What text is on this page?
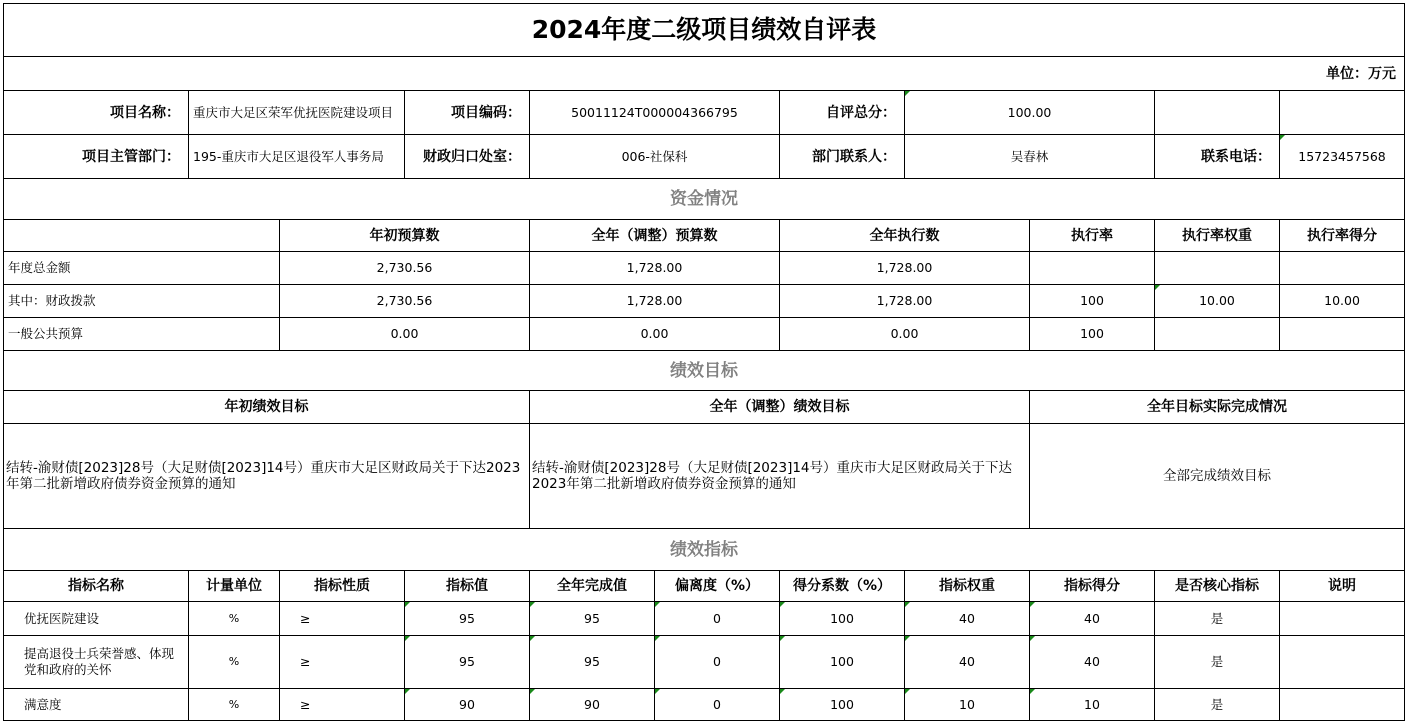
2024年度二级项目绩效自评表										
单位：万元										
项目名称：	重庆市大足区荣军优抚医院建设项目		项目编码：	50011124T000004366795		自评总分：	100.00			
项目主管部门：	195-重庆市大足区退役军人事务局		财政归口处室：	006-社保科		部门联系人：	吴春林		联系电话：	15723457568
资金情况										
		年初预算数		全年（调整）预算数		全年执行数		执行率	执行率权重	执行率得分
年度总金额		2,730.56		1,728.00		1,728.00				
其中：财政拨款		2,730.56		1,728.00		1,728.00		100	10.00	10.00
一般公共预算		0.00		0.00		0.00		100		
绩效目标										
年初绩效目标				全年（调整）绩效目标				全年目标实际完成情况		
结转-渝财债[2023]28号（大足财债[2023]14号）重庆市大足区财政局关于下达2023年第二批新增政府债券资金预算的通知				结转-渝财债[2023]28号（大足财债[2023]14号）重庆市大足区财政局关于下达2023年第二批新增政府债券资金预算的通知				全部完成绩效目标		
绩效指标										
指标名称	计量单位	指标性质	指标值	全年完成值	偏离度（%）	得分系数（%）	指标权重	指标得分	是否核心指标	说明
优抚医院建设	%	≥	95	95	0	100	40	40	是	
提高退役士兵荣誉感、体现党和政府的关怀	%	≥	95	95	0	100	40	40	是	
满意度	%	≥	90	90	0	100	10	10	是	
